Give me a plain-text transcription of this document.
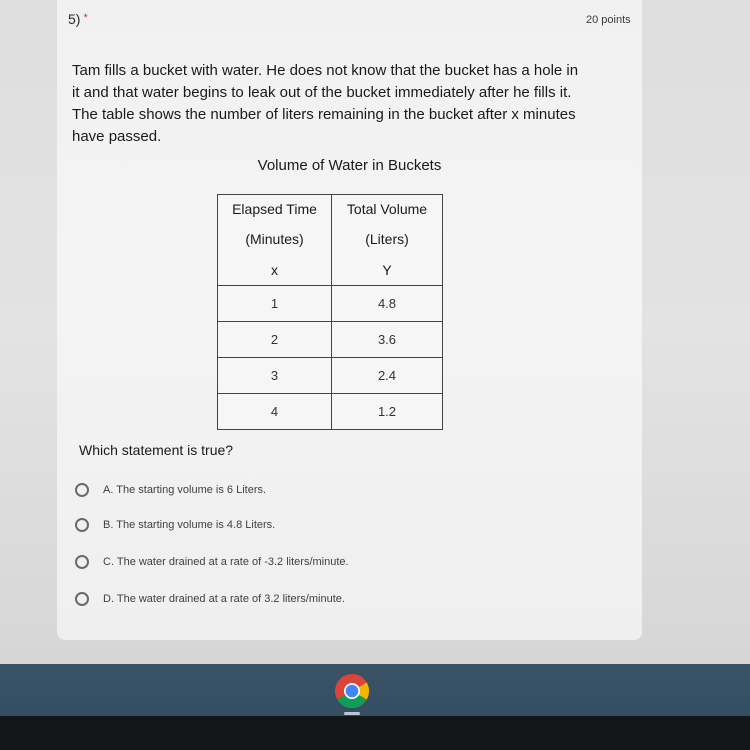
5) *	20 points
Tam fills a bucket with water. He does not know that the bucket has a hole in
it and that water begins to leak out of the bucket immediately after he fills it.
The table shows the number of liters remaining in the bucket after x minutes
have passed.
Volume of Water in Buckets
Elapsed Time	Total Volume
(Minutes)	(Liters)
x	Y
1	4.8
2	3.6
3	2.4
4	1.2
Which statement is true?
A. The starting volume is 6 Liters.
B. The starting volume is 4.8 Liters.
C. The water drained at a rate of -3.2 liters/minute.
D. The water drained at a rate of 3.2 liters/minute.
